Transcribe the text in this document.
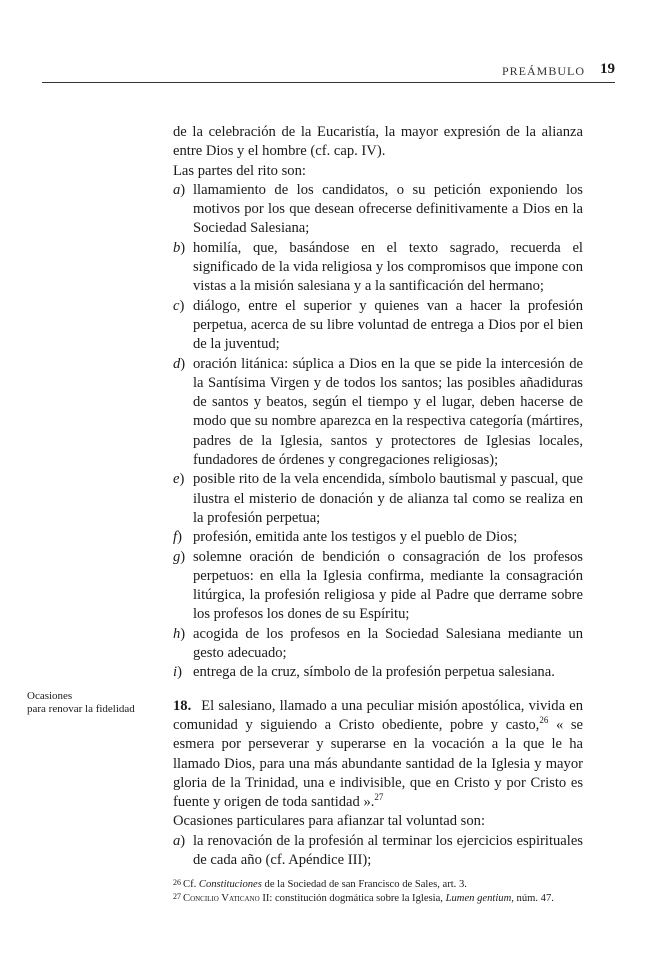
PREÁMBULO 19
Ocasiones
para renovar la fidelidad

de la celebración de la Eucaristía, la mayor expresión de la alianza entre Dios y el hombre (cf. cap. IV).

Las partes del rito son:

a) llamamiento de los candidatos, o su petición exponiendo los motivos por los que desean ofrecerse definitivamente a Dios en la Sociedad Salesiana;
b) homilía, que, basándose en el texto sagrado, recuerda el significado de la vida religiosa y los compromisos que impone con vistas a la misión salesiana y a la santificación del hermano;
c) diálogo, entre el superior y quienes van a hacer la profesión perpetua, acerca de su libre voluntad de entrega a Dios por el bien de la juventud;
d) oración litánica: súplica a Dios en la que se pide la intercesión de la Santísima Virgen y de todos los santos; las posibles añadiduras de santos y beatos, según el tiempo y el lugar, deben hacerse de modo que su nombre aparezca en la respectiva categoría (mártires, padres de la Iglesia, santos y protectores de Iglesias locales, fundadores de órdenes y congregaciones religiosas);
e) posible rito de la vela encendida, símbolo bautismal y pascual, que ilustra el misterio de donación y de alianza tal como se realiza en la profesión perpetua;
f) profesión, emitida ante los testigos y el pueblo de Dios;
g) solemne oración de bendición o consagración de los profesos perpetuos: en ella la Iglesia confirma, mediante la consagración litúrgica, la profesión religiosa y pide al Padre que derrame sobre los profesos los dones de su Espíritu;
h) acogida de los profesos en la Sociedad Salesiana mediante un gesto adecuado;
i) entrega de la cruz, símbolo de la profesión perpetua salesiana.

18. El salesiano, llamado a una peculiar misión apostólica, vivida en comunidad y siguiendo a Cristo obediente, pobre y casto,$^{26}$ « se esmera por perseverar y superarse en la vocación a la que le ha llamado Dios, para una más abundante santidad de la Iglesia y mayor gloria de la Trinidad, una e indivisible, que en Cristo y por Cristo es fuente y origen de toda santidad ».$^{27}$

Ocasiones particulares para afianzar tal voluntad son:

a) la renovación de la profesión al terminar los ejercicios espirituales de cada año (cf. Apéndice III);
26 Cf. Constituciones de la Sociedad de san Francisco de Sales, art. 3.
27 Concilio Vaticano II: constitución dogmática sobre la Iglesia, Lumen gentium, núm. 47.
